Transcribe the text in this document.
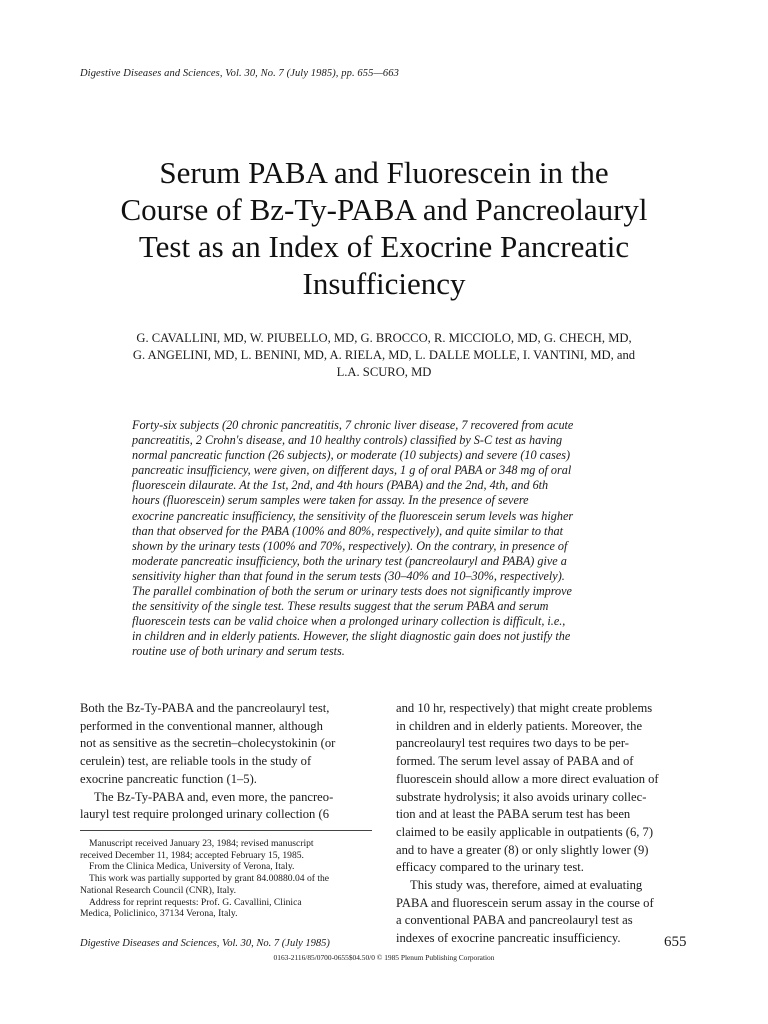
Digestive Diseases and Sciences, Vol. 30, No. 7 (July 1985), pp. 655—663
Serum PABA and Fluorescein in the
Course of Bz-Ty-PABA and Pancreolauryl
Test as an Index of Exocrine Pancreatic
Insufficiency
G. CAVALLINI, MD, W. PIUBELLO, MD, G. BROCCO, R. MICCIOLO, MD, G. CHECH, MD,
G. ANGELINI, MD, L. BENINI, MD, A. RIELA, MD, L. DALLE MOLLE, I. VANTINI, MD, and
L.A. SCURO, MD
Forty-six subjects (20 chronic pancreatitis, 7 chronic liver disease, 7 recovered from acute
pancreatitis, 2 Crohn's disease, and 10 healthy controls) classified by S-C test as having
normal pancreatic function (26 subjects), or moderate (10 subjects) and severe (10 cases)
pancreatic insufficiency, were given, on different days, 1 g of oral PABA or 348 mg of oral
fluorescein dilaurate. At the 1st, 2nd, and 4th hours (PABA) and the 2nd, 4th, and 6th
hours (fluorescein) serum samples were taken for assay. In the presence of severe
exocrine pancreatic insufficiency, the sensitivity of the fluorescein serum levels was higher
than that observed for the PABA (100% and 80%, respectively), and quite similar to that
shown by the urinary tests (100% and 70%, respectively). On the contrary, in presence of
moderate pancreatic insufficiency, both the urinary test (pancreolauryl and PABA) give a
sensitivity higher than that found in the serum tests (30–40% and 10–30%, respectively).
The parallel combination of both the serum or urinary tests does not significantly improve
the sensitivity of the single test. These results suggest that the serum PABA and serum
fluorescein tests can be valid choice when a prolonged urinary collection is difficult, i.e.,
in children and in elderly patients. However, the slight diagnostic gain does not justify the
routine use of both urinary and serum tests.
Both the Bz-Ty-PABA and the pancreolauryl test,
performed in the conventional manner, although
not as sensitive as the secretin–cholecystokinin (or
cerulein) test, are reliable tools in the study of
exocrine pancreatic function (1–5).
The Bz-Ty-PABA and, even more, the pancreo-
lauryl test require prolonged urinary collection (6
Manuscript received January 23, 1984; revised manuscript
received December 11, 1984; accepted February 15, 1985.
From the Clinica Medica, University of Verona, Italy.
This work was partially supported by grant 84.00880.04 of the
National Research Council (CNR), Italy.
Address for reprint requests: Prof. G. Cavallini, Clinica
Medica, Policlinico, 37134 Verona, Italy.
and 10 hr, respectively) that might create problems
in children and in elderly patients. Moreover, the
pancreolauryl test requires two days to be per-
formed. The serum level assay of PABA and of
fluorescein should allow a more direct evaluation of
substrate hydrolysis; it also avoids urinary collec-
tion and at least the PABA serum test has been
claimed to be easily applicable in outpatients (6, 7)
and to have a greater (8) or only slightly lower (9)
efficacy compared to the urinary test.
This study was, therefore, aimed at evaluating
PABA and fluorescein serum assay in the course of
a conventional PABA and pancreolauryl test as
indexes of exocrine pancreatic insufficiency.
Digestive Diseases and Sciences, Vol. 30, No. 7 (July 1985)	655
0163-2116/85/0700-0655$04.50/0 © 1985 Plenum Publishing Corporation
